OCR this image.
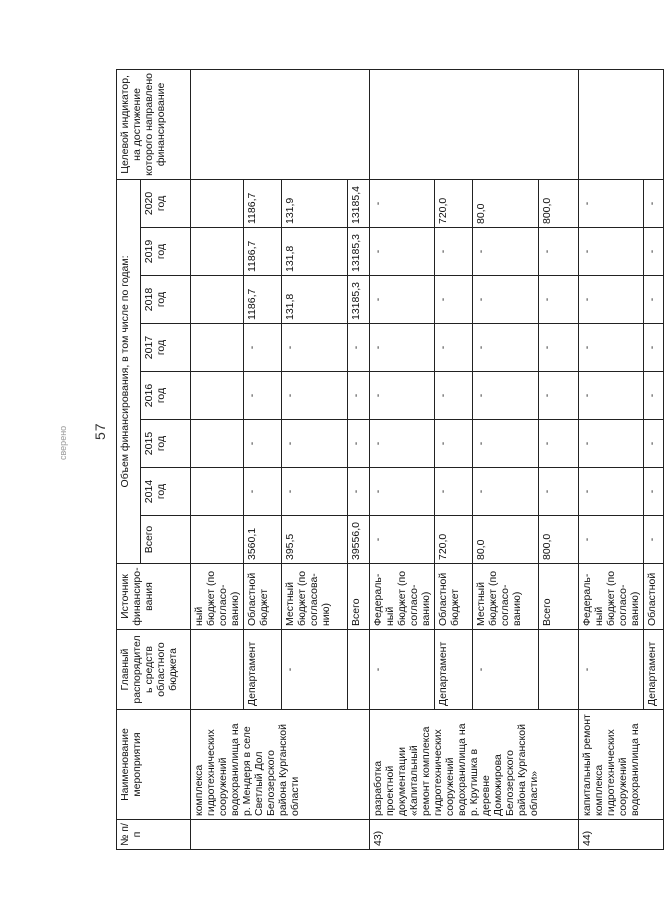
57
сверено
№ п/п	Наименование мероприятия	Главный распорядитель средств областного бюджета	Источник финансиро-вания	Объем финансирования, в том числе по годам:								Целевой индикатор, на достижение которого направлено финансирование
				Всего	2014 год	2015 год	2016 год	2017 год	2018 год	2019 год	2020 год	
	комплекса гидротехнических сооружений водохранилища на р. Мендеря в селе Светлый Дол Белозерского района Курганской области		ный бюджет (по согласо-ванию)									
		Департамент	Областной бюджет	3560,1	-	-	-	-	1186,7	1186,7	1186,7	
		-	Местный бюджет (по согласова-нию)	395,5	-	-	-	-	131,8	131,8	131,9	
			Всего	39556,0	-	-	-	-	13185,3	13185,3	13185,4	
43)	разработка проектной документации «Капитальный ремонт комплекса гидротехнических сооружений водохранилища на р. Крутишка в деревне Доможирова Белозерского района Курганской области»	-	Федераль-ный бюджет (по согласо-ванию)	-	-	-	-	-	-	-	-	
		Департамент	Областной бюджет	720,0	-	-	-	-	-	-	720,0	
		-	Местный бюджет (по согласо-ванию)	80,0	-	-	-	-	-	-	80,0	
			Всего	800,0	-	-	-	-	-	-	800,0	
44)	капитальный ремонт комплекса гидротехнических сооружений водохранилища на	-	Федераль-ный бюджет (по согласо-ванию)	-	-	-	-	-	-	-	-	
		Департамент	Областной	-	-	-	-	-	-	-	-	
